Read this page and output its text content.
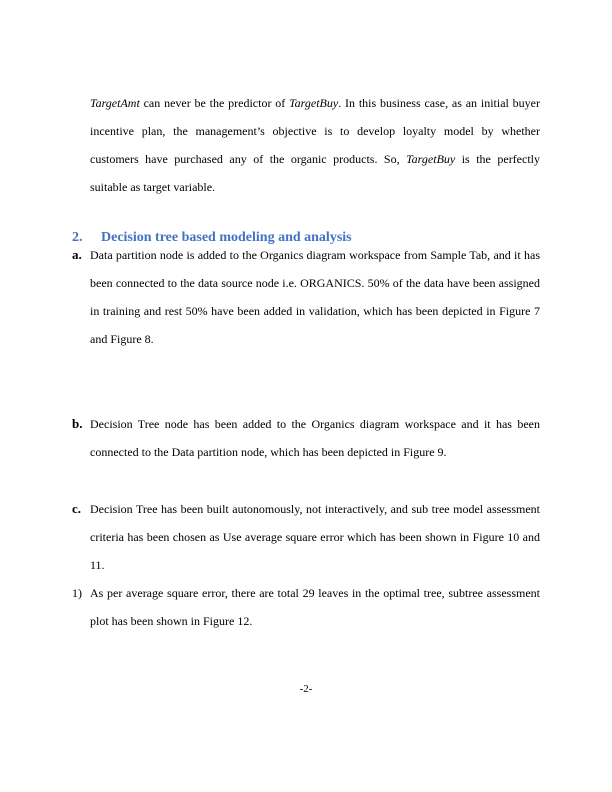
TargetAmt can never be the predictor of TargetBuy. In this business case, as an initial buyer
incentive plan, the management’s objective is to develop loyalty model by whether
customers have purchased any of the organic products. So, TargetBuy is the perfectly
suitable as target variable.
2. Decision tree based modeling and analysis
a. Data partition node is added to the Organics diagram workspace from Sample Tab, and it has
been connected to the data source node i.e. ORGANICS. 50% of the data have been assigned
in training and rest 50% have been added in validation, which has been depicted in Figure 7
and Figure 8.
b. Decision Tree node has been added to the Organics diagram workspace and it has been
connected to the Data partition node, which has been depicted in Figure 9.
c. Decision Tree has been built autonomously, not interactively, and sub tree model assessment
criteria has been chosen as Use average square error which has been shown in Figure 10 and
11.
1) As per average square error, there are total 29 leaves in the optimal tree, subtree assessment
plot has been shown in Figure 12.
-2-
